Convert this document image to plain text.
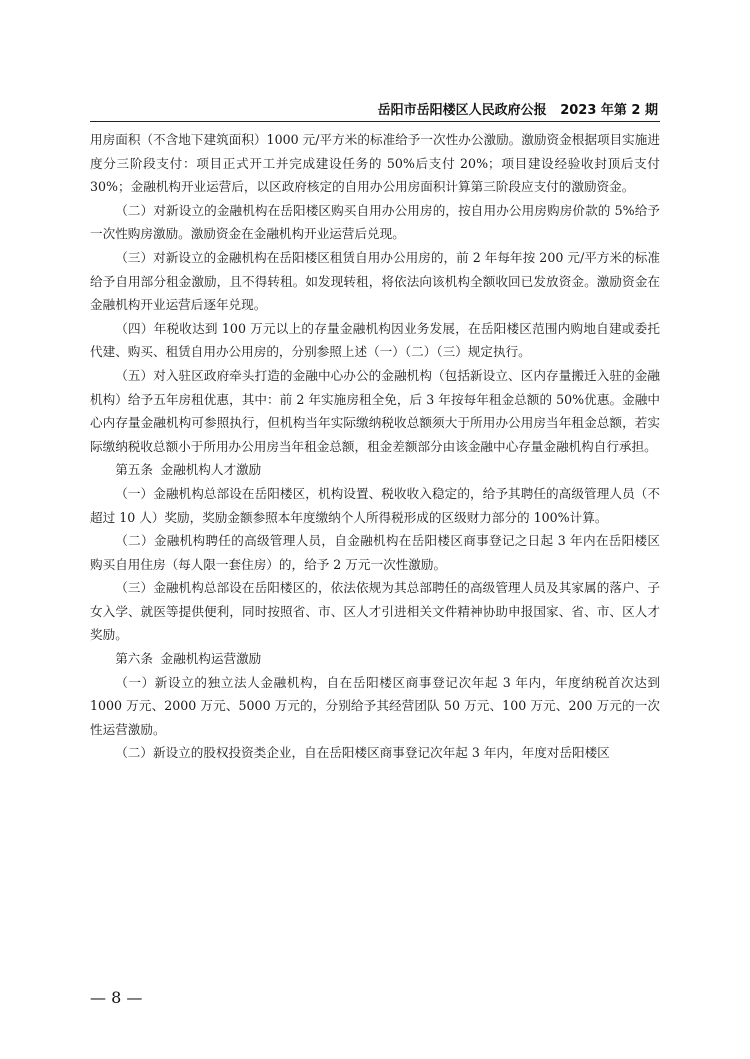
岳阳市岳阳楼区人民政府公报 2023 年第 2 期

用房面积（不含地下建筑面积）1000 元/平方米的标准给予一次性办公激励。激励资金根据项目实施进度分三阶段支付：项目正式开工并完成建设任务的 50%后支付 20%；项目建设经验收封顶后支付 30%；金融机构开业运营后，以区政府核定的自用办公用房面积计算第三阶段应支付的激励资金。

（二）对新设立的金融机构在岳阳楼区购买自用办公用房的，按自用办公用房购房价款的 5%给予一次性购房激励。激励资金在金融机构开业运营后兑现。

（三）对新设立的金融机构在岳阳楼区租赁自用办公用房的，前 2 年每年按 200 元/平方米的标准给予自用部分租金激励，且不得转租。如发现转租，将依法向该机构全额收回已发放资金。激励资金在金融机构开业运营后逐年兑现。

（四）年税收达到 100 万元以上的存量金融机构因业务发展，在岳阳楼区范围内购地自建或委托代建、购买、租赁自用办公用房的，分别参照上述（一）（二）（三）规定执行。

（五）对入驻区政府牵头打造的金融中心办公的金融机构（包括新设立、区内存量搬迁入驻的金融机构）给予五年房租优惠，其中：前 2 年实施房租全免，后 3 年按每年租金总额的 50%优惠。金融中心内存量金融机构可参照执行，但机构当年实际缴纳税收总额须大于所用办公用房当年租金总额，若实际缴纳税收总额小于所用办公用房当年租金总额，租金差额部分由该金融中心存量金融机构自行承担。

第五条 金融机构人才激励

（一）金融机构总部设在岳阳楼区，机构设置、税收收入稳定的，给予其聘任的高级管理人员（不超过 10 人）奖励，奖励金额参照本年度缴纳个人所得税形成的区级财力部分的 100%计算。

（二）金融机构聘任的高级管理人员，自金融机构在岳阳楼区商事登记之日起 3 年内在岳阳楼区购买自用住房（每人限一套住房）的，给予 2 万元一次性激励。

（三）金融机构总部设在岳阳楼区的，依法依规为其总部聘任的高级管理人员及其家属的落户、子女入学、就医等提供便利，同时按照省、市、区人才引进相关文件精神协助申报国家、省、市、区人才奖励。

第六条 金融机构运营激励

（一）新设立的独立法人金融机构，自在岳阳楼区商事登记次年起 3 年内，年度纳税首次达到 1000 万元、2000 万元、5000 万元的，分别给予其经营团队 50 万元、100 万元、200 万元的一次性运营激励。

（二）新设立的股权投资类企业，自在岳阳楼区商事登记次年起 3 年内，年度对岳阳楼区

— 8 —
